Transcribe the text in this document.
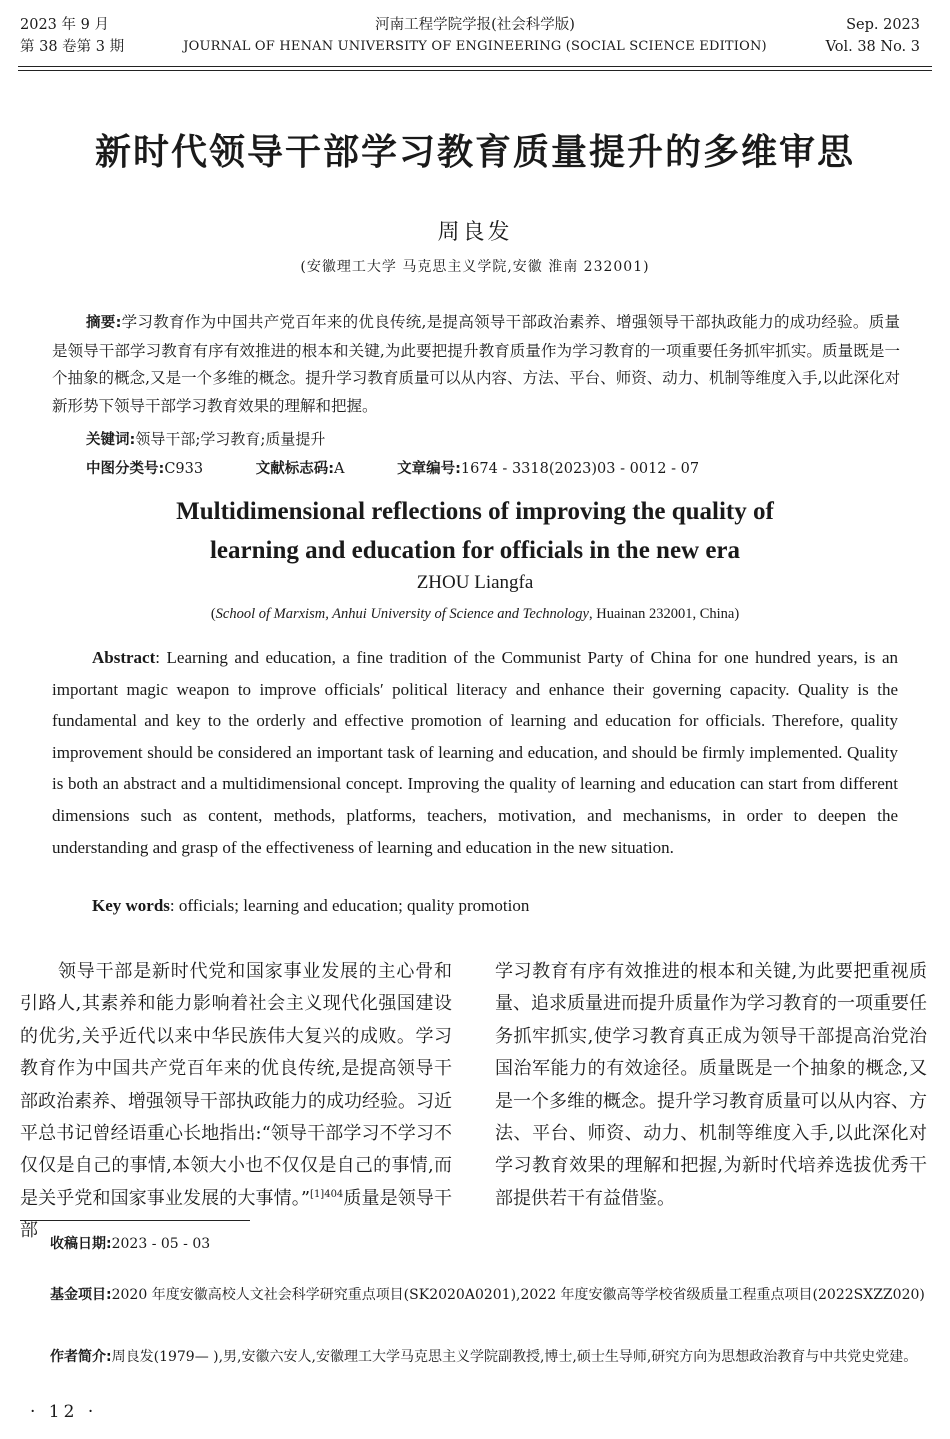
2023 年 9 月
第 38 卷第 3 期
河南工程学院学报(社会科学版)
JOURNAL OF HENAN UNIVERSITY OF ENGINEERING (SOCIAL SCIENCE EDITION)
Sep. 2023
Vol. 38 No. 3
新时代领导干部学习教育质量提升的多维审思
周良发
(安徽理工大学 马克思主义学院,安徽 淮南 232001)
摘要:学习教育作为中国共产党百年来的优良传统,是提高领导干部政治素养、增强领导干部执政能力的成功经验。质量是领导干部学习教育有序有效推进的根本和关键,为此要把提升教育质量作为学习教育的一项重要任务抓牢抓实。质量既是一个抽象的概念,又是一个多维的概念。提升学习教育质量可以从内容、方法、平台、师资、动力、机制等维度入手,以此深化对新形势下领导干部学习教育效果的理解和把握。
关键词:领导干部;学习教育;质量提升
中图分类号:C933	文献标志码:A	文章编号:1674 - 3318(2023)03 - 0012 - 07
Multidimensional reflections of improving the quality of
learning and education for officials in the new era
ZHOU Liangfa
(School of Marxism, Anhui University of Science and Technology, Huainan 232001, China)
Abstract: Learning and education, a fine tradition of the Communist Party of China for one hundred years, is an important magic weapon to improve officials′ political literacy and enhance their governing capacity. Quality is the fundamental and key to the orderly and effective promotion of learning and education for officials. Therefore, quality improvement should be considered an important task of learning and education, and should be firmly implemented. Quality is both an abstract and a multidimensional concept. Improving the quality of learning and education can start from different dimensions such as content, methods, platforms, teachers, motivation, and mechanisms, in order to deepen the understanding and grasp of the effectiveness of learning and education in the new situation.
Key words: officials; learning and education; quality promotion
领导干部是新时代党和国家事业发展的主心骨和引路人,其素养和能力影响着社会主义现代化强国建设的优劣,关乎近代以来中华民族伟大复兴的成败。学习教育作为中国共产党百年来的优良传统,是提高领导干部政治素养、增强领导干部执政能力的成功经验。习近平总书记曾经语重心长地指出:“领导干部学习不学习不仅仅是自己的事情,本领大小也不仅仅是自己的事情,而是关乎党和国家事业发展的大事情。”$^{[1]404}$质量是领导干部
学习教育有序有效推进的根本和关键,为此要把重视质量、追求质量进而提升质量作为学习教育的一项重要任务抓牢抓实,使学习教育真正成为领导干部提高治党治国治军能力的有效途径。质量既是一个抽象的概念,又是一个多维的概念。提升学习教育质量可以从内容、方法、平台、师资、动力、机制等维度入手,以此深化对学习教育效果的理解和把握,为新时代培养选拔优秀干部提供若干有益借鉴。
收稿日期:2023 - 05 - 03
基金项目:2020 年度安徽高校人文社会科学研究重点项目(SK2020A0201),2022 年度安徽高等学校省级质量工程重点项目(2022SXZZ020)
作者简介:周良发(1979— ),男,安徽六安人,安徽理工大学马克思主义学院副教授,博士,硕士生导师,研究方向为思想政治教育与中共党史党建。
· 12 ·
